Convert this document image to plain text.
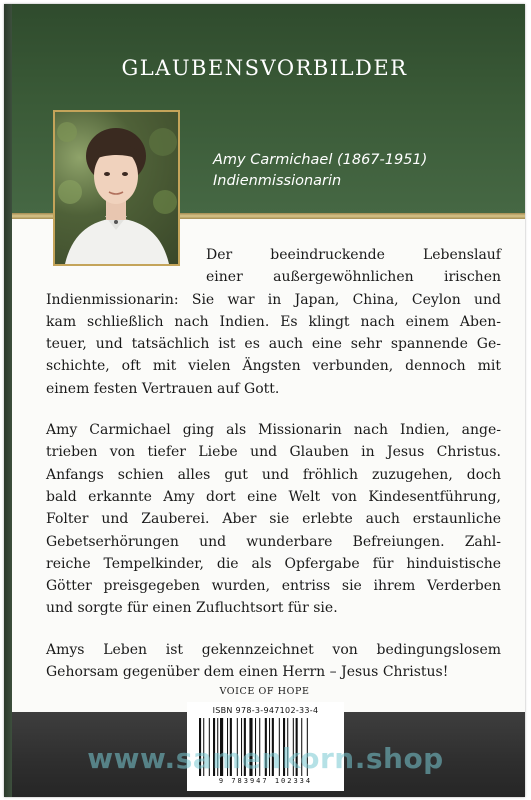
GLAUBENSVORBILDER
Amy Carmichael (1867-1951)
Indienmissionarin

Der beeindruckende Lebenslauf
einer außergewöhnlichen irischen
Indienmissionarin: Sie war in Japan, China, Ceylon und
kam schließlich nach Indien. Es klingt nach einem Aben-
teuer, und tatsächlich ist es auch eine sehr spannende Ge-
schichte, oft mit vielen Ängsten verbunden, dennoch mit
einem festen Vertrauen auf Gott.

Amy Carmichael ging als Missionarin nach Indien, ange-
trieben von tiefer Liebe und Glauben in Jesus Christus.
Anfangs schien alles gut und fröhlich zuzugehen, doch
bald erkannte Amy dort eine Welt von Kindesentführung,
Folter und Zauberei. Aber sie erlebte auch erstaunliche
Gebetserhörungen und wunderbare Befreiungen. Zahl-
reiche Tempelkinder, die als Opfergabe für hinduistische
Götter preisgegeben wurden, entriss sie ihrem Verderben
und sorgte für einen Zufluchtsort für sie.

Amys Leben ist gekennzeichnet von bedingungslosem
Gehorsam gegenüber dem einen Herrn – Jesus Christus!

VOICE OF HOPE
ISBN 978-3-947102-33-4
9 783947 102334
www.samenkorn.shop
